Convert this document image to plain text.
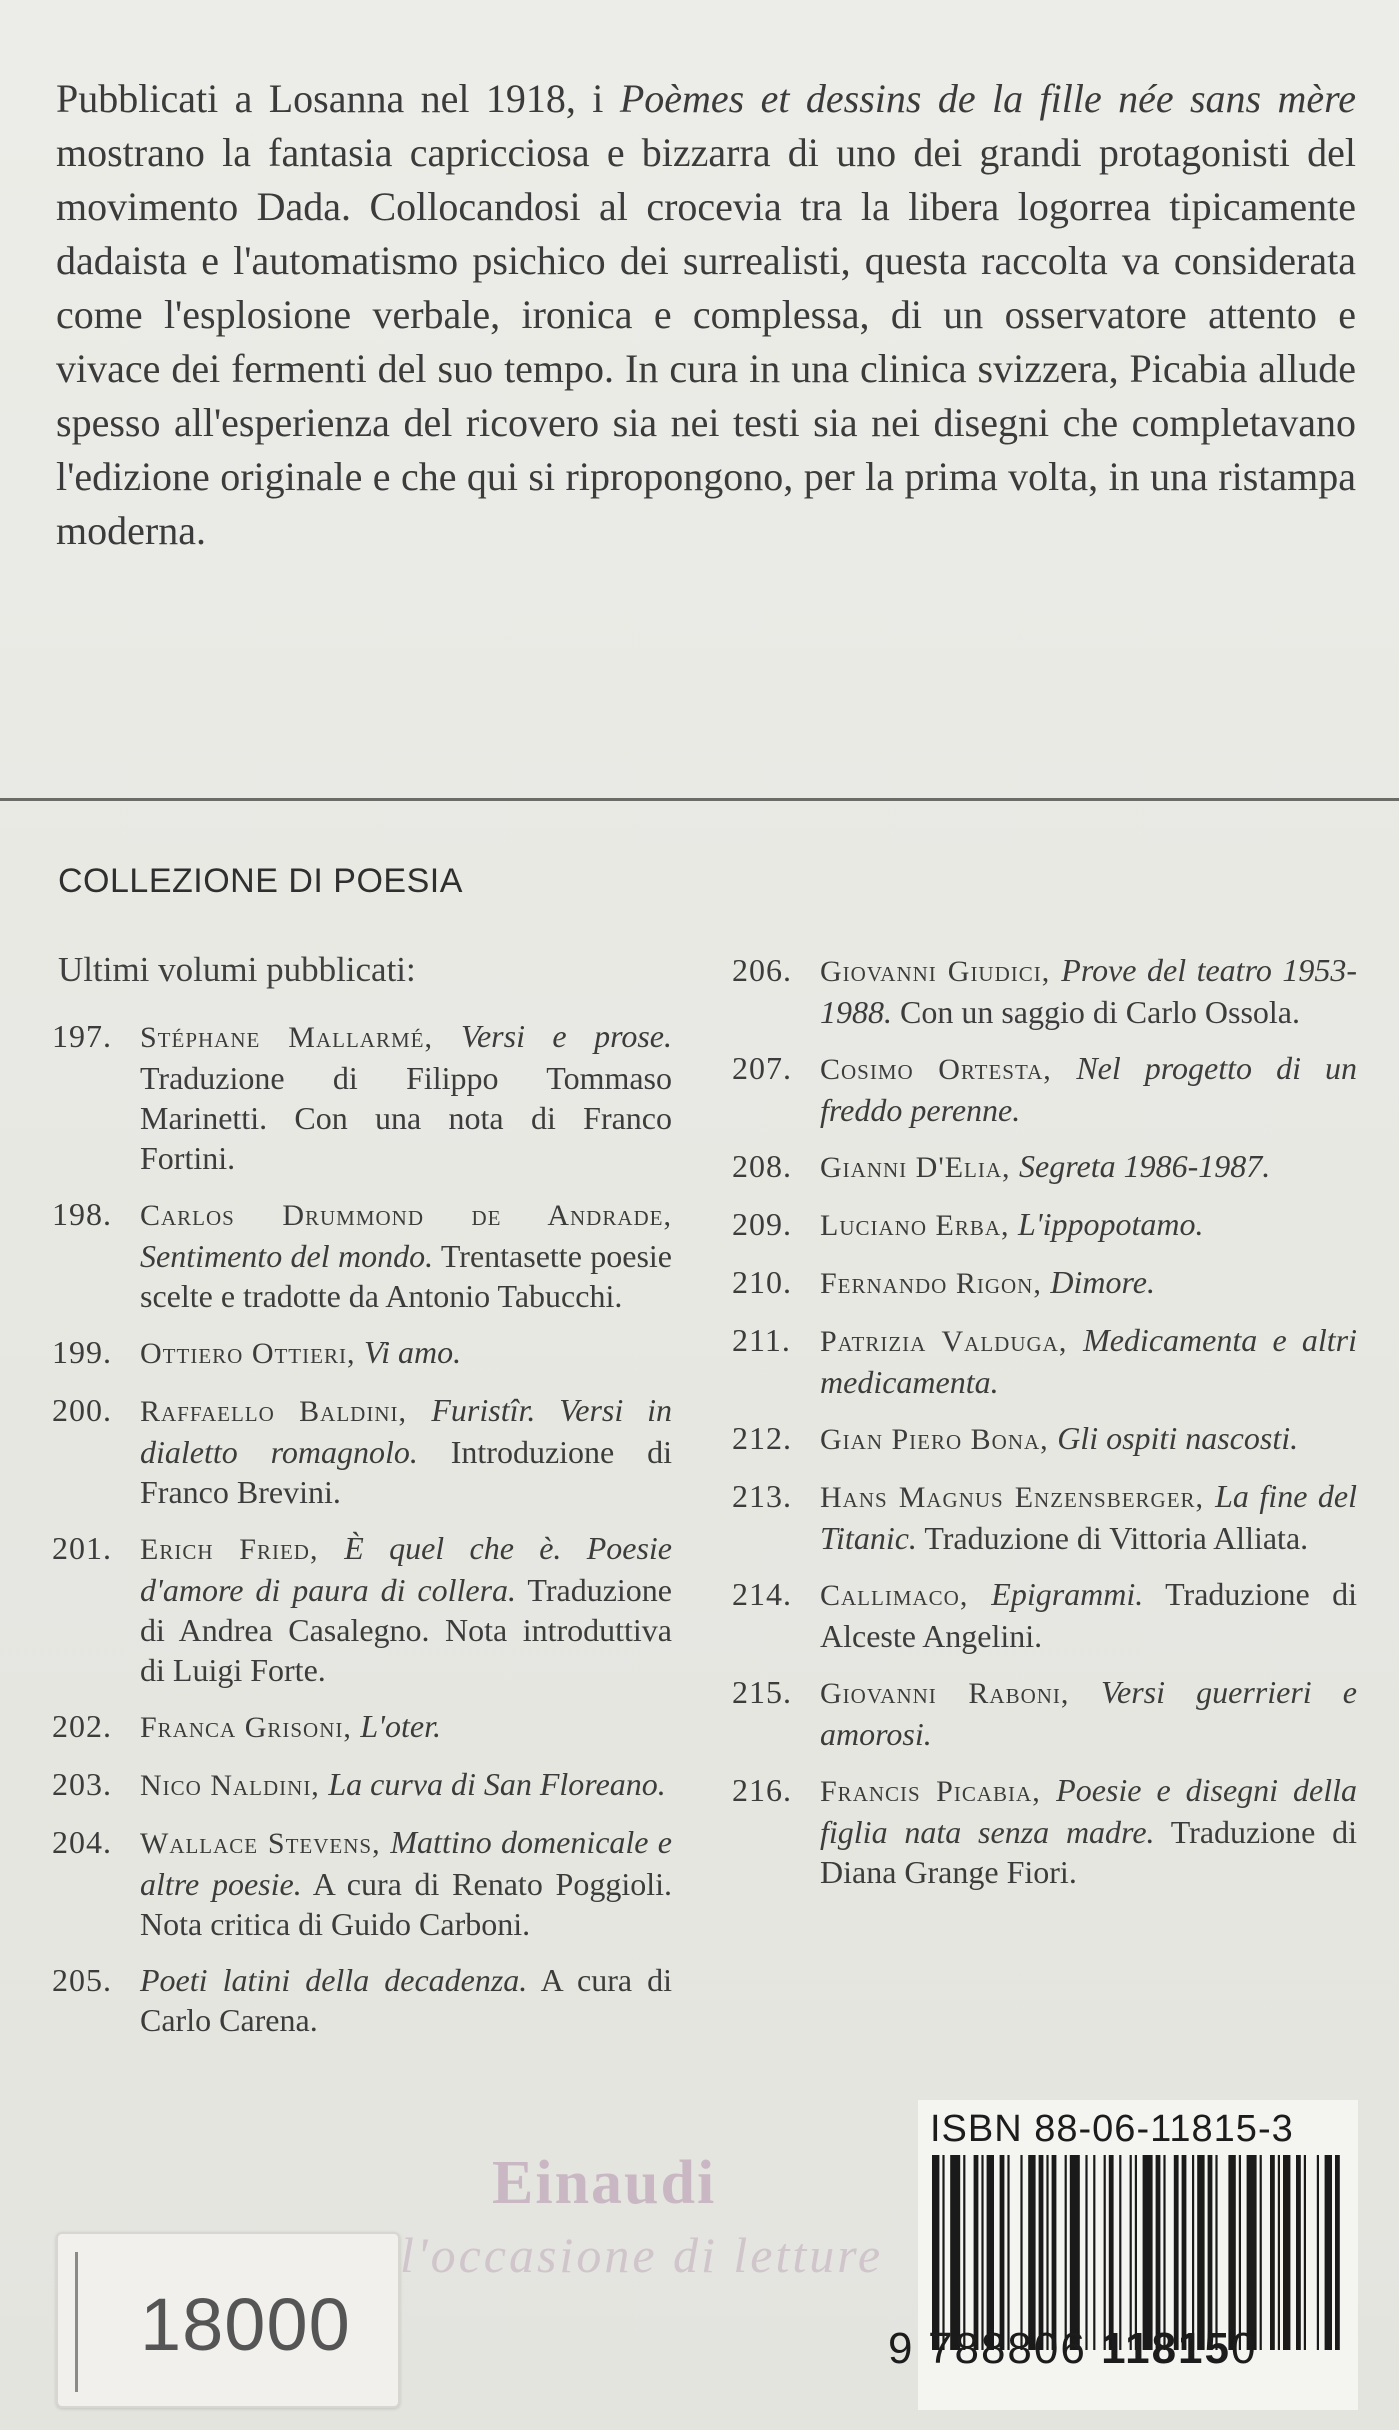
Pubblicati a Losanna nel 1918, i Poèmes et dessins de la fille née sans mère mostrano la fantasia capricciosa e bizzarra di uno dei grandi protagonisti del movimento Dada. Collocandosi al crocevia tra la libera logorrea tipicamente dadaista e l'automatismo psichico dei surrealisti, questa raccolta va considerata come l'esplosione verbale, ironica e complessa, di un osservatore attento e vivace dei fermenti del suo tempo. In cura in una clinica svizzera, Picabia allude spesso all'esperienza del ricovero sia nei testi sia nei disegni che completavano l'edizione originale e che qui si ripropongono, per la prima volta, in una ristampa moderna.
COLLEZIONE DI POESIA
Ultimi volumi pubblicati:
197. Stéphane Mallarmé, Versi e prose. Traduzione di Filippo Tommaso Marinetti. Con una nota di Franco Fortini.
198. Carlos Drummond de Andrade, Sentimento del mondo. Trentasette poesie scelte e tradotte da Antonio Tabucchi.
199. Ottiero Ottieri, Vi amo.
200. Raffaello Baldini, Furistîr. Versi in dialetto romagnolo. Introduzione di Franco Brevini.
201. Erich Fried, È quel che è. Poesie d'amore di paura di collera. Traduzione di Andrea Casalegno. Nota introduttiva di Luigi Forte.
202. Franca Grisoni, L'oter.
203. Nico Naldini, La curva di San Floreano.
204. Wallace Stevens, Mattino domenicale e altre poesie. A cura di Renato Poggioli. Nota critica di Guido Carboni.
205. Poeti latini della decadenza. A cura di Carlo Carena.
206. Giovanni Giudici, Prove del teatro 1953-1988. Con un saggio di Carlo Ossola.
207. Cosimo Ortesta, Nel progetto di un freddo perenne.
208. Gianni D'Elia, Segreta 1986-1987.
209. Luciano Erba, L'ippopotamo.
210. Fernando Rigon, Dimore.
211. Patrizia Valduga, Medicamenta e altri medicamenta.
212. Gian Piero Bona, Gli ospiti nascosti.
213. Hans Magnus Enzensberger, La fine del Titanic. Traduzione di Vittoria Alliata.
214. Callimaco, Epigrammi. Traduzione di Alceste Angelini.
215. Giovanni Raboni, Versi guerrieri e amorosi.
216. Francis Picabia, Poesie e disegni della figlia nata senza madre. Traduzione di Diana Grange Fiori.
ISBN 88-06-11815-3
9 788806 118150
Einaudi
l'occasione di letture
18000
